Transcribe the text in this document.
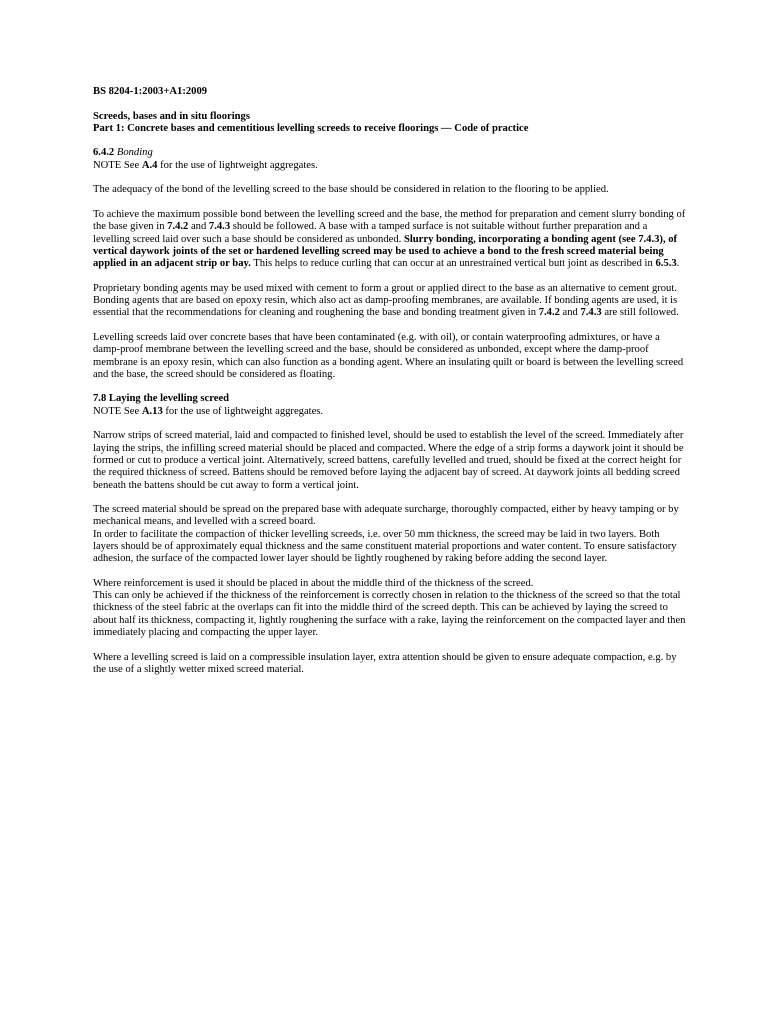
BS 8204-1:2003+A1:2009

Screeds, bases and in situ floorings

Part 1: Concrete bases and cementitious levelling screeds to receive floorings — Code of practice

6.4.2 Bonding

NOTE See A.4 for the use of lightweight aggregates.

The adequacy of the bond of the levelling screed to the base should be considered in relation to the flooring to be applied.

To achieve the maximum possible bond between the levelling screed and the base, the method for preparation and cement slurry bonding of the base given in 7.4.2 and 7.4.3 should be followed. A base with a tamped surface is not suitable without further preparation and a levelling screed laid over such a base should be considered as unbonded. Slurry bonding, incorporating a bonding agent (see 7.4.3), of vertical daywork joints of the set or hardened levelling screed may be used to achieve a bond to the fresh screed material being applied in an adjacent strip or bay. This helps to reduce curling that can occur at an unrestrained vertical butt joint as described in 6.5.3.

Proprietary bonding agents may be used mixed with cement to form a grout or applied direct to the base as an alternative to cement grout. Bonding agents that are based on epoxy resin, which also act as damp-proofing membranes, are available. If bonding agents are used, it is essential that the recommendations for cleaning and roughening the base and bonding treatment given in 7.4.2 and 7.4.3 are still followed.

Levelling screeds laid over concrete bases that have been contaminated (e.g. with oil), or contain waterproofing admixtures, or have a damp-proof membrane between the levelling screed and the base, should be considered as unbonded, except where the damp-proof membrane is an epoxy resin, which can also function as a bonding agent. Where an insulating quilt or board is between the levelling screed and the base, the screed should be considered as floating.

7.8 Laying the levelling screed

NOTE See A.13 for the use of lightweight aggregates.

Narrow strips of screed material, laid and compacted to finished level, should be used to establish the level of the screed. Immediately after laying the strips, the infilling screed material should be placed and compacted. Where the edge of a strip forms a daywork joint it should be formed or cut to produce a vertical joint. Alternatively, screed battens, carefully levelled and trued, should be fixed at the correct height for the required thickness of screed. Battens should be removed before laying the adjacent bay of screed. At daywork joints all bedding screed beneath the battens should be cut away to form a vertical joint.

The screed material should be spread on the prepared base with adequate surcharge, thoroughly compacted, either by heavy tamping or by mechanical means, and levelled with a screed board.

In order to facilitate the compaction of thicker levelling screeds, i.e. over 50 mm thickness, the screed may be laid in two layers. Both layers should be of approximately equal thickness and the same constituent material proportions and water content. To ensure satisfactory adhesion, the surface of the compacted lower layer should be lightly roughened by raking before adding the second layer.

Where reinforcement is used it should be placed in about the middle third of the thickness of the screed.

This can only be achieved if the thickness of the reinforcement is correctly chosen in relation to the thickness of the screed so that the total thickness of the steel fabric at the overlaps can fit into the middle third of the screed depth. This can be achieved by laying the screed to about half its thickness, compacting it, lightly roughening the surface with a rake, laying the reinforcement on the compacted layer and then immediately placing and compacting the upper layer.

Where a levelling screed is laid on a compressible insulation layer, extra attention should be given to ensure adequate compaction, e.g. by the use of a slightly wetter mixed screed material.
